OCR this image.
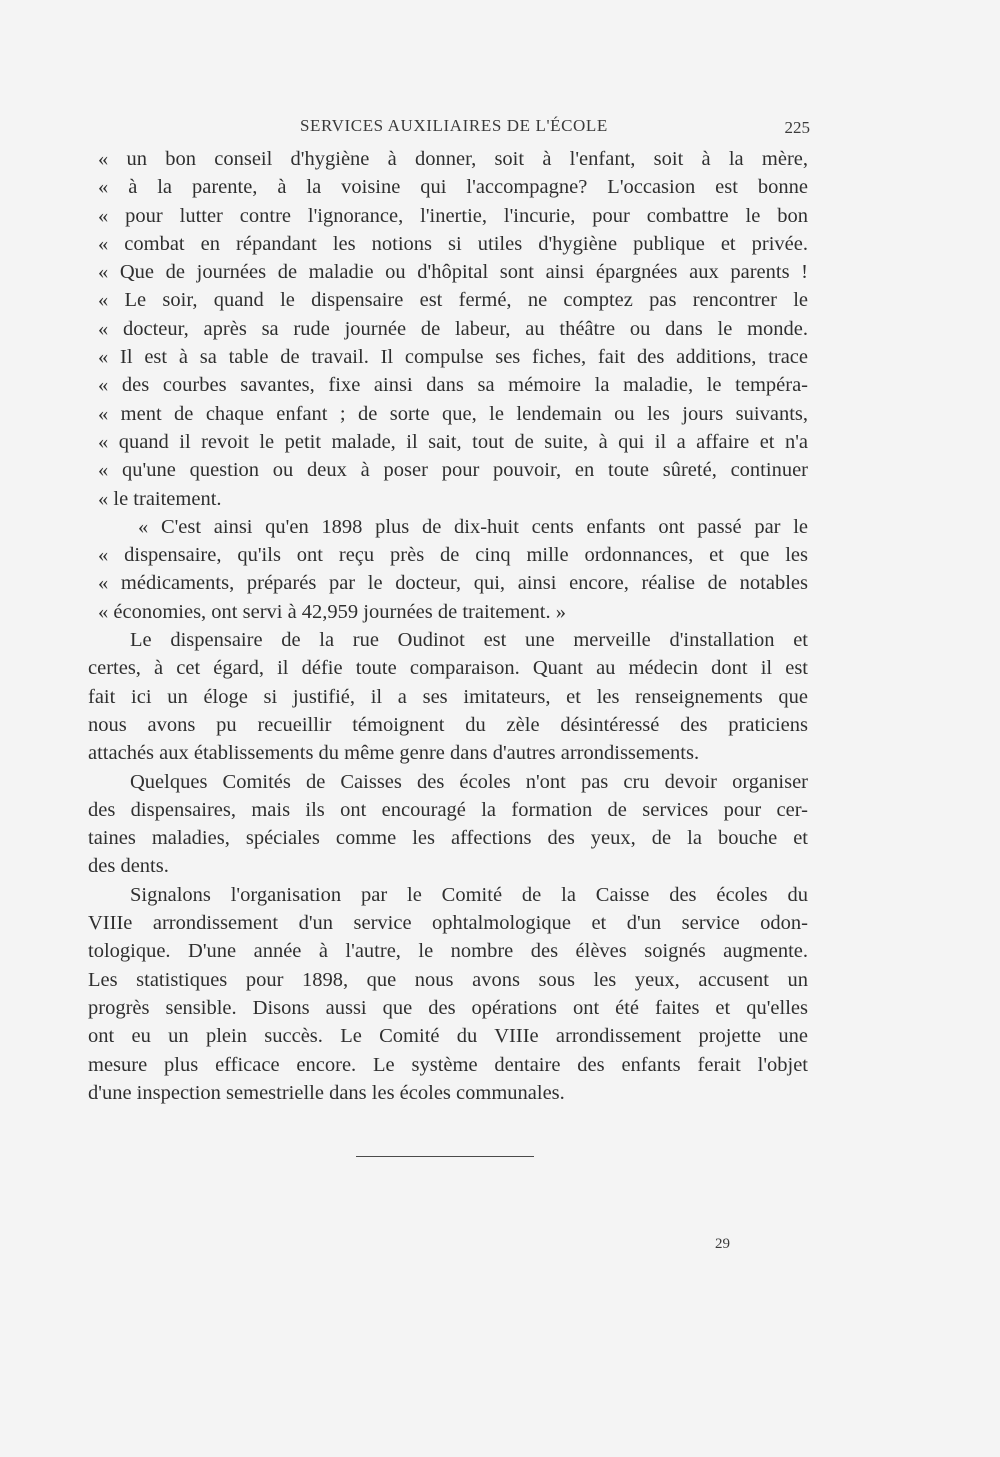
SERVICES AUXILIAIRES DE L'ÉCOLE	225
« un bon conseil d'hygiène à donner, soit à l'enfant, soit à la mère,
« à la parente, à la voisine qui l'accompagne? L'occasion est bonne
« pour lutter contre l'ignorance, l'inertie, l'incurie, pour combattre le bon
« combat en répandant les notions si utiles d'hygiène publique et privée.
« Que de journées de maladie ou d'hôpital sont ainsi épargnées aux parents !
« Le soir, quand le dispensaire est fermé, ne comptez pas rencontrer le
« docteur, après sa rude journée de labeur, au théâtre ou dans le monde.
« Il est à sa table de travail. Il compulse ses fiches, fait des additions, trace
« des courbes savantes, fixe ainsi dans sa mémoire la maladie, le tempéra-
« ment de chaque enfant ; de sorte que, le lendemain ou les jours suivants,
« quand il revoit le petit malade, il sait, tout de suite, à qui il a affaire et n'a
« qu'une question ou deux à poser pour pouvoir, en toute sûreté, continuer
« le traitement.
« C'est ainsi qu'en 1898 plus de dix-huit cents enfants ont passé par le
« dispensaire, qu'ils ont reçu près de cinq mille ordonnances, et que les
« médicaments, préparés par le docteur, qui, ainsi encore, réalise de notables
« économies, ont servi à 42,959 journées de traitement. »
Le dispensaire de la rue Oudinot est une merveille d'installation et
certes, à cet égard, il défie toute comparaison. Quant au médecin dont il est
fait ici un éloge si justifié, il a ses imitateurs, et les renseignements que
nous avons pu recueillir témoignent du zèle désintéressé des praticiens
attachés aux établissements du même genre dans d'autres arrondissements.
Quelques Comités de Caisses des écoles n'ont pas cru devoir organiser
des dispensaires, mais ils ont encouragé la formation de services pour cer-
taines maladies, spéciales comme les affections des yeux, de la bouche et
des dents.
Signalons l'organisation par le Comité de la Caisse des écoles du
VIIIe arrondissement d'un service ophtalmologique et d'un service odon-
tologique. D'une année à l'autre, le nombre des élèves soignés augmente.
Les statistiques pour 1898, que nous avons sous les yeux, accusent un
progrès sensible. Disons aussi que des opérations ont été faites et qu'elles
ont eu un plein succès. Le Comité du VIIIe arrondissement projette une
mesure plus efficace encore. Le système dentaire des enfants ferait l'objet
d'une inspection semestrielle dans les écoles communales.
29
